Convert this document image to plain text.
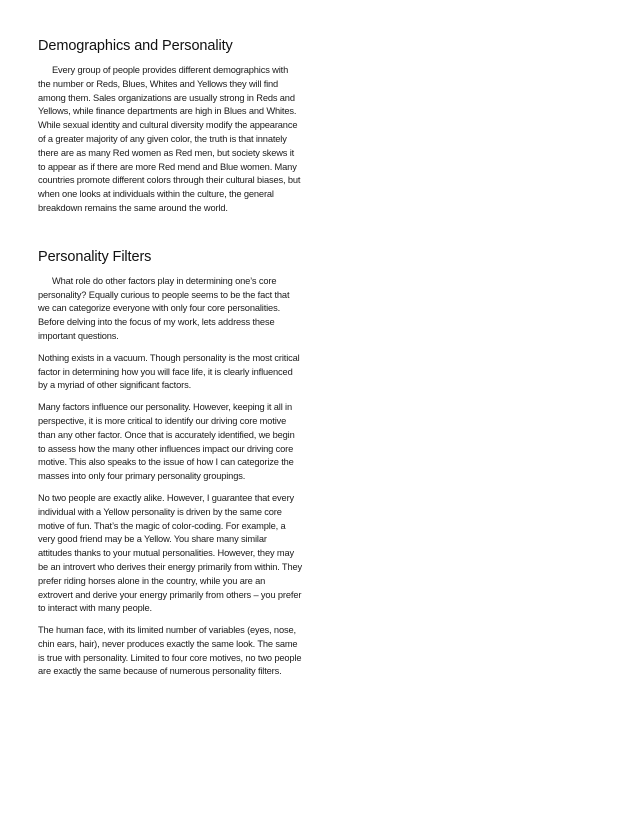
Demographics and Personality

Every group of people provides different demographics with the number or Reds, Blues, Whites and Yellows they will find among them. Sales organizations are usually strong in Reds and Yellows, while finance departments are high in Blues and Whites. While sexual identity and cultural diversity modify the appearance of a greater majority of any given color, the truth is that innately there are as many Red women as Red men, but society skews it to appear as if there are more Red mend and Blue women. Many countries promote different colors through their cultural biases, but when one looks at individuals within the culture, the general breakdown remains the same around the world.

Personality Filters

What role do other factors play in determining one’s core personality? Equally curious to people seems to be the fact that we can categorize everyone with only four core personalities. Before delving into the focus of my work, lets address these important questions.

Nothing exists in a vacuum. Though personality is the most critical factor in determining how you will face life, it is clearly influenced by a myriad of other significant factors.

Many factors influence our personality. However, keeping it all in perspective, it is more critical to identify our driving core motive than any other factor. Once that is accurately identified, we begin to assess how the many other influences impact our driving core motive. This also speaks to the issue of how I can categorize the masses into only four primary personality groupings.

No two people are exactly alike. However, I guarantee that every individual with a Yellow personality is driven by the same core motive of fun. That’s the magic of color-coding. For example, a very good friend may be a Yellow. You share many similar attitudes thanks to your mutual personalities. However, they may be an introvert who derives their energy primarily from within. They prefer riding horses alone in the country, while you are an extrovert and derive your energy primarily from others – you prefer to interact with many people.

The human face, with its limited number of variables (eyes, nose, chin ears, hair), never produces exactly the same look. The same is true with personality. Limited to four core motives, no two people are exactly the same because of numerous personality filters.
